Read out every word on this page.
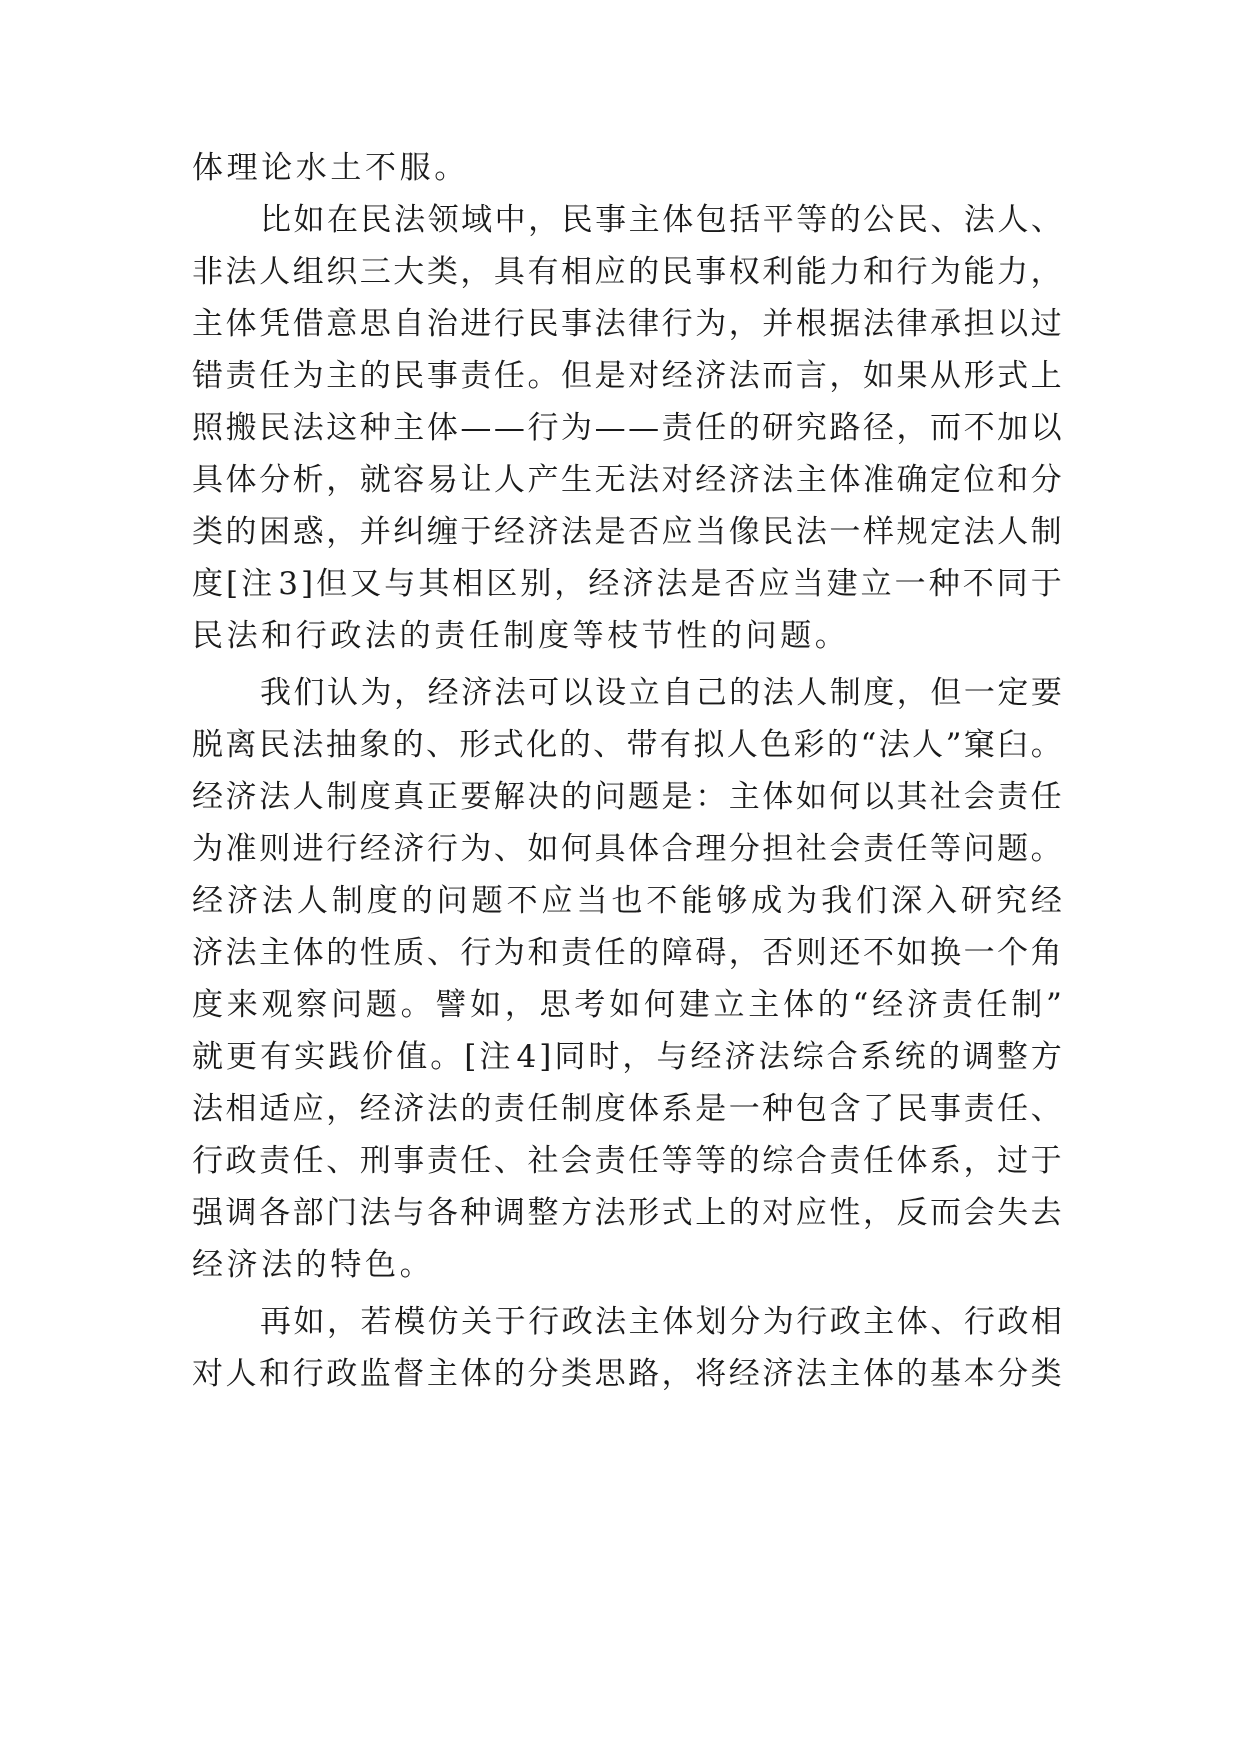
体理论水土不服。
比 如 在 民 法 领 域 中 ， 民 事 主 体 包 括 平 等 的 公 民 、 法 人 、
非 法 人 组 织 三 大 类 ， 具 有 相 应 的 民 事 权 利 能 力 和 行 为 能 力 ，
主 体 凭 借 意 思 自 治 进 行 民 事 法 律 行 为 ， 并 根 据 法 律 承 担 以 过
错 责 任 为 主 的 民 事 责 任 。 但 是 对 经 济 法 而 言 ， 如 果 从 形 式 上
照 搬 民 法 这 种 主 体 — — 行 为 — — 责 任 的 研 究 路 径 ， 而 不 加 以
具 体 分 析 ， 就 容 易 让 人 产 生 无 法 对 经 济 法 主 体 准 确 定 位 和 分
类 的 困 惑 ， 并 纠 缠 于 经 济 法 是 否 应 当 像 民 法 一 样 规 定 法 人 制
度 [ 注 3 ] 但 又 与 其 相 区 别 ， 经 济 法 是 否 应 当 建 立 一 种 不 同 于
民法和行政法的责任制度等枝节性的问题。
我 们 认 为 ， 经 济 法 可 以 设 立 自 己 的 法 人 制 度 ， 但 一 定 要
脱 离 民 法 抽 象 的 、 形 式 化 的 、 带 有 拟 人 色 彩 的 “ 法 人 ” 窠 臼 。
经 济 法 人 制 度 真 正 要 解 决 的 问 题 是 ： 主 体 如 何 以 其 社 会 责 任
为 准 则 进 行 经 济 行 为 、 如 何 具 体 合 理 分 担 社 会 责 任 等 问 题 。
经 济 法 人 制 度 的 问 题 不 应 当 也 不 能 够 成 为 我 们 深 入 研 究 经
济 法 主 体 的 性 质 、 行 为 和 责 任 的 障 碍 ， 否 则 还 不 如 换 一 个 角
度 来 观 察 问 题 。 譬 如 ， 思 考 如 何 建 立 主 体 的 “ 经 济 责 任 制 ”
就 更 有 实 践 价 值 。 [ 注 4 ] 同 时 ， 与 经 济 法 综 合 系 统 的 调 整 方
法 相 适 应 ， 经 济 法 的 责 任 制 度 体 系 是 一 种 包 含 了 民 事 责 任 、
行 政 责 任 、 刑 事 责 任 、 社 会 责 任 等 等 的 综 合 责 任 体 系 ， 过 于
强 调 各 部 门 法 与 各 种 调 整 方 法 形 式 上 的 对 应 性 ， 反 而 会 失 去
经济法的特色。
再 如 ， 若 模 仿 关 于 行 政 法 主 体 划 分 为 行 政 主 体 、 行 政 相
对 人 和 行 政 监 督 主 体 的 分 类 思 路 ， 将 经 济 法 主 体 的 基 本 分 类
